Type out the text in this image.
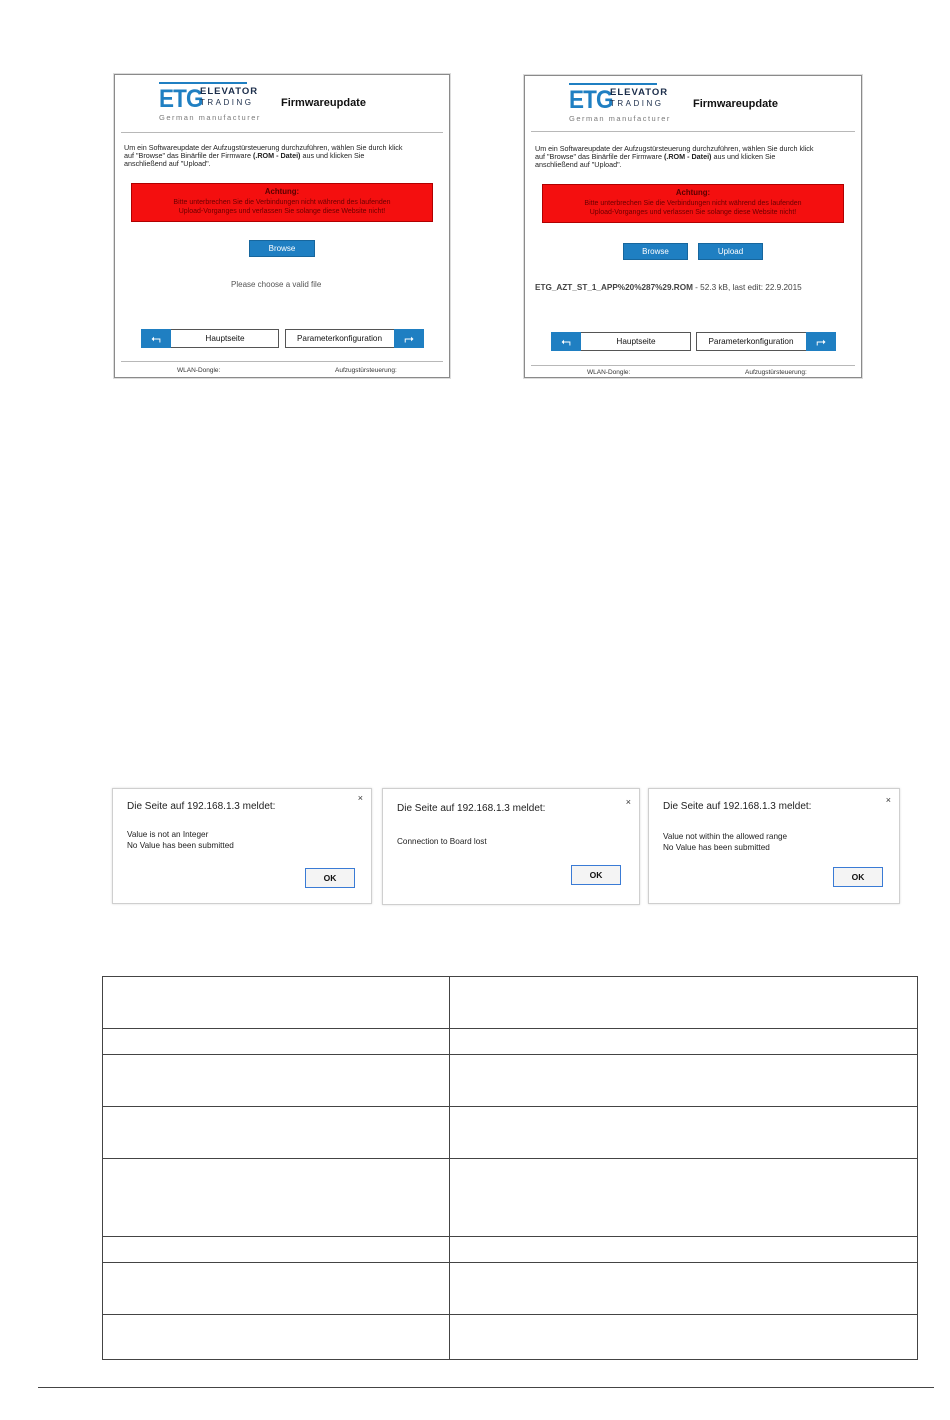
ETG
ELEVATOR
TRADING
German manufacturer
Firmwareupdate
Um ein Softwareupdate der Aufzugstürsteuerung durchzuführen, wählen Sie durch klick
auf "Browse" das Binärfile der Firmware (.ROM - Datei) aus und klicken Sie
anschließend auf "Upload".
Achtung:
Bitte unterbrechen Sie die Verbindungen nicht während des laufenden
Upload-Vorganges und verlassen Sie solange diese Website nicht!
Browse
Please choose a valid file
⮢	Hauptseite	Parameterkonfiguration	⮣
WLAN-Dongle:	Aufzugstürsteuerung:
ETG
ELEVATOR
TRADING
German manufacturer
Firmwareupdate
Um ein Softwareupdate der Aufzugstürsteuerung durchzuführen, wählen Sie durch klick
auf "Browse" das Binärfile der Firmware (.ROM - Datei) aus und klicken Sie
anschließend auf "Upload".
Achtung:
Bitte unterbrechen Sie die Verbindungen nicht während des laufenden
Upload-Vorganges und verlassen Sie solange diese Website nicht!
Browse	Upload
ETG_AZT_ST_1_APP%20%287%29.ROM - 52.3 kB, last edit: 22.9.2015
⮢	Hauptseite	Parameterkonfiguration	⮣
WLAN-Dongle:	Aufzugstürsteuerung:
Die Seite auf 192.168.1.3 meldet:
×
Value is not an Integer
No Value has been submitted
OK
Die Seite auf 192.168.1.3 meldet:
×
Connection to Board lost
OK
Die Seite auf 192.168.1.3 meldet:
×
Value not within the allowed range
No Value has been submitted
OK
